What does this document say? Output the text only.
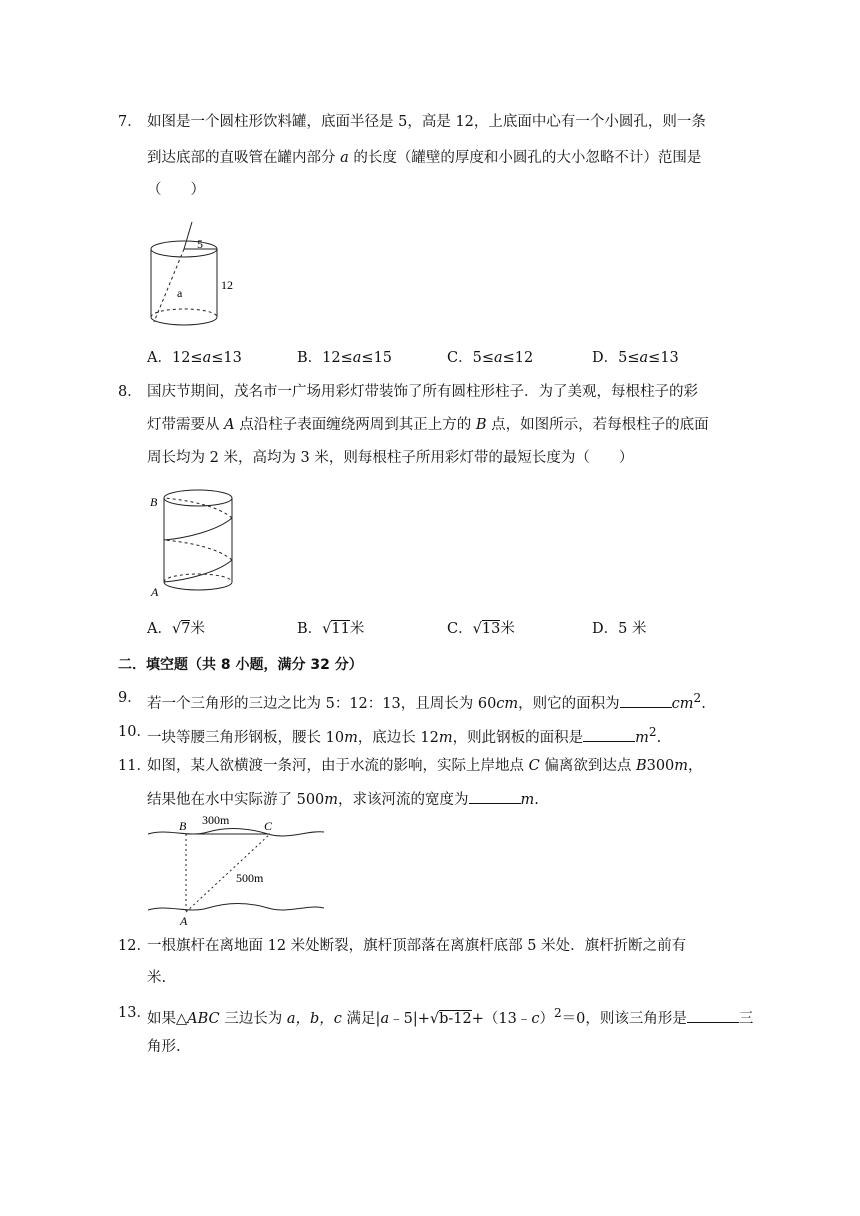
7． 如图是一个圆柱形饮料罐，底面半径是 5，高是 12，上底面中心有一个小圆孔，则一条
到达底部的直吸管在罐内部分 a 的长度（罐壁的厚度和小圆孔的大小忽略不计）范围是
（　　）
5
12
a
A．12≤a≤13	B．12≤a≤15	C．5≤a≤12	D．5≤a≤13
8． 国庆节期间，茂名市一广场用彩灯带装饰了所有圆柱形柱子．为了美观，每根柱子的彩
灯带需要从 A 点沿柱子表面缠绕两周到其正上方的 B 点，如图所示，若每根柱子的底面
周长均为 2 米，高均为 3 米，则每根柱子所用彩灯带的最短长度为（　　）
B
A
A．√7米	B．√11米	C．√13米	D．5 米
二．填空题（共 8 小题，满分 32 分）
9． 若一个三角形的三边之比为 5：12：13，且周长为 60cm，则它的面积为	$cm^2$.
10．
一块等腰三角形钢板，腰长 10m，底边长 12m，则此钢板的面积是	$m^2$.
11．
如图，某人欲横渡一条河，由于水流的影响，实际上岸地点 C 偏离欲到达点 B300m，
结果他在水中实际游了 500m，求该河流的宽度为	m.
B	C
A
300m
500m
12．
一根旗杆在离地面 12 米处断裂，旗杆顶部落在离旗杆底部 5 米处．旗杆折断之前有
米.
13．
如果△ABC 三边长为 a，b，c 满足|a﹣5|+√b-12+（13﹣c）$^2$＝0，则该三角形是	三
角形.
